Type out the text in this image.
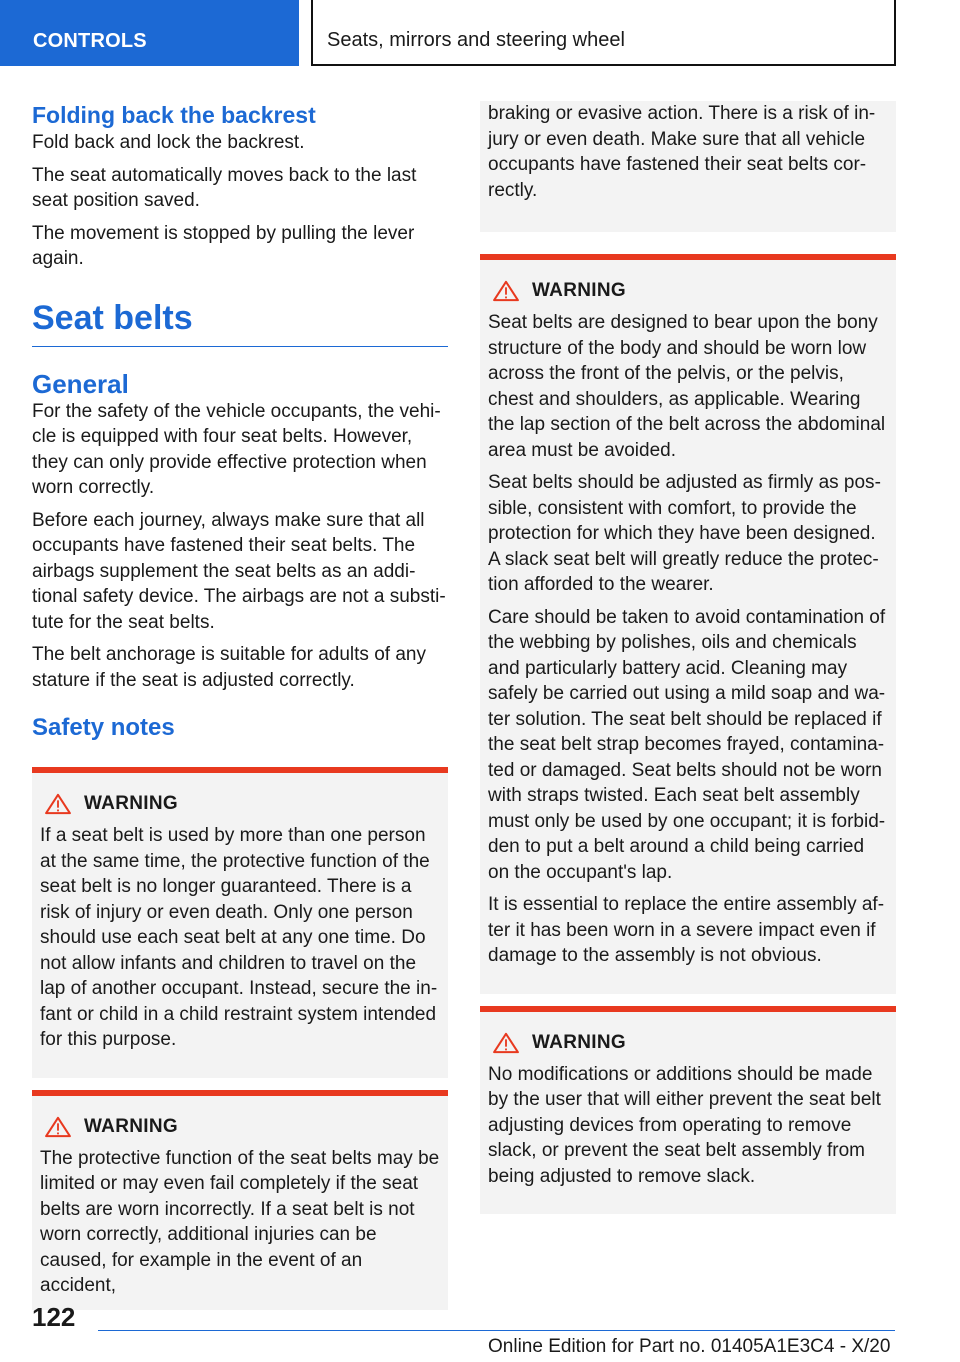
CONTROLS	Seats, mirrors and steering wheel
Folding back the backrest

Fold back and lock the backrest.

The seat automatically moves back to the last seat position saved.

The movement is stopped by pulling the lever again.

Seat belts
General

For the safety of the vehicle occupants, the vehicle is equipped with four seat belts. However, they can only provide effective protection when worn correctly.

Before each journey, always make sure that all occupants have fastened their seat belts. The airbags supplement the seat belts as an additional safety device. The airbags are not a substitute for the seat belts.

The belt anchorage is suitable for adults of any stature if the seat is adjusted correctly.

Safety notes
WARNING

If a seat belt is used by more than one person at the same time, the protective function of the seat belt is no longer guaranteed. There is a risk of injury or even death. Only one person should use each seat belt at any one time. Do not allow infants and children to travel on the lap of another occupant. Instead, secure the infant or child in a child restraint system intended for this purpose.

WARNING

The protective function of the seat belts may be limited or may even fail completely if the seat belts are worn incorrectly. If a seat belt is not worn correctly, additional injuries can be caused, for example in the event of an accident,

braking or evasive action. There is a risk of injury or even death. Make sure that all vehicle occupants have fastened their seat belts correctly.

WARNING

Seat belts are designed to bear upon the bony structure of the body and should be worn low across the front of the pelvis, or the pelvis, chest and shoulders, as applicable. Wearing the lap section of the belt across the abdominal area must be avoided.

Seat belts should be adjusted as firmly as possible, consistent with comfort, to provide the protection for which they have been designed. A slack seat belt will greatly reduce the protection afforded to the wearer.

Care should be taken to avoid contamination of the webbing by polishes, oils and chemicals and particularly battery acid. Cleaning may safely be carried out using a mild soap and water solution. The seat belt should be replaced if the seat belt strap becomes frayed, contaminated or damaged. Seat belts should not be worn with straps twisted. Each seat belt assembly must only be used by one occupant; it is forbidden to put a belt around a child being carried on the occupant's lap.

It is essential to replace the entire assembly after it has been worn in a severe impact even if damage to the assembly is not obvious.

WARNING

No modifications or additions should be made by the user that will either prevent the seat belt adjusting devices from operating to remove slack, or prevent the seat belt assembly from being adjusted to remove slack.

122
Online Edition for Part no. 01405A1E3C4 - X/20
